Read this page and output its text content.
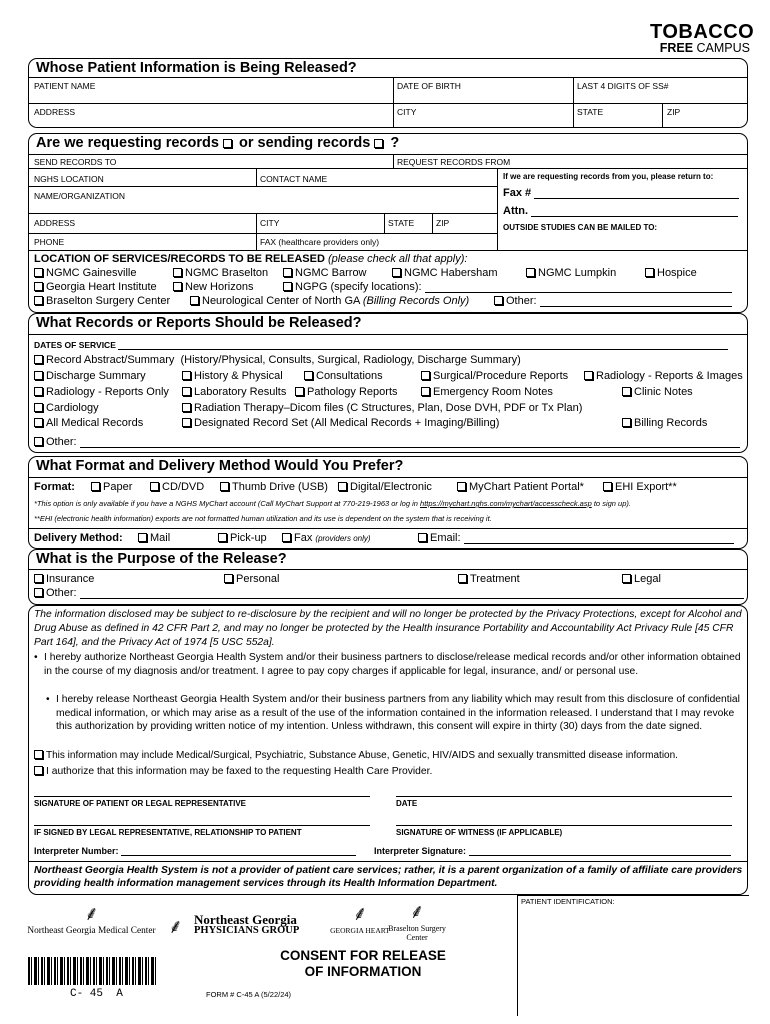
TOBACCO
FREE CAMPUS
Whose Patient Information is Being Released?
PATIENT NAME	DATE OF BIRTH	LAST 4 DIGITS OF SS#
ADDRESS	CITY	STATE	ZIP
Are we requesting records or sending records ?
SEND RECORDS TO	REQUEST RECORDS FROM
NGHS LOCATION	CONTACT NAME
NAME/ORGANIZATION
ADDRESS	CITY	STATE	ZIP
PHONE	FAX (healthcare providers only)
If we are requesting records from you, please return to:
Fax #
Attn.
OUTSIDE STUDIES CAN BE MAILED TO:
LOCATION OF SERVICES/RECORDS TO BE RELEASED (please check all that apply):
NGMC Gainesville	NGMC Braselton	NGMC Barrow	NGMC Habersham	NGMC Lumpkin	Hospice
Georgia Heart Institute	New Horizons	NGPG (specify locations):
Braselton Surgery Center	Neurological Center of North GA (Billing Records Only)	Other:
What Records or Reports Should be Released?
DATES OF SERVICE
Record Abstract/Summary (History/Physical, Consults, Surgical, Radiology, Discharge Summary)
Discharge Summary	History & Physical	Consultations	Surgical/Procedure Reports	Radiology - Reports & Images
Radiology - Reports Only	Laboratory Results	Pathology Reports	Emergency Room Notes	Clinic Notes
Cardiology	Radiation Therapy–Dicom files (C Structures, Plan, Dose DVH, PDF or Tx Plan)
All Medical Records	Designated Record Set (All Medical Records + Imaging/Billing)	Billing Records
Other:
What Format and Delivery Method Would You Prefer?
Format:	Paper	CD/DVD	Thumb Drive (USB)	Digital/Electronic	MyChart Patient Portal*	EHI Export**
*This option is only available if you have a NGHS MyChart account (Call MyChart Support at 770-219-1963 or log in https://mychart.nghs.com/mychart/accesscheck.asp to sign up).
**EHI (electronic health information) exports are not formatted human utilization and its use is dependent on the system that is receiving it.
Delivery Method:	Mail	Pick-up	Fax (providers only)	Email:
What is the Purpose of the Release?
Insurance	Personal	Treatment	Legal
Other:
The information disclosed may be subject to re-disclosure by the recipient and will no longer be protected by the Privacy Protections, except for Alcohol and Drug Abuse as defined in 42 CFR Part 2, and may no longer be protected by the Health insurance Portability and Accountability Act Privacy Rule [45 CFR Part 164], and the Privacy Act of 1974 [5 USC 552a].
• I hereby authorize Northeast Georgia Health System and/or their business partners to disclose/release medical records and/or other information obtained in the course of my diagnosis and/or treatment. I agree to pay copy charges if applicable for legal, insurance, and/ or personal use.
• I hereby release Northeast Georgia Health System and/or their business partners from any liability which may result from this disclosure of confidential medical information, or which may arise as a result of the use of the information contained in the information released. I understand that I may revoke this authorization by providing written notice of my intention. Unless withdrawn, this consent will expire in thirty (30) days from the date signed.
This information may include Medical/Surgical, Psychiatric, Substance Abuse, Genetic, HIV/AIDS and sexually transmitted disease information.
I authorize that this information may be faxed to the requesting Health Care Provider.
SIGNATURE OF PATIENT OR LEGAL REPRESENTATIVE	DATE
IF SIGNED BY LEGAL REPRESENTATIVE, RELATIONSHIP TO PATIENT	SIGNATURE OF WITNESS (IF APPLICABLE)
Interpreter Number:	Interpreter Signature:
Northeast Georgia Health System is not a provider of patient care services; rather, it is a parent organization of a family of affiliate care providers providing health information management services through its Health Information Department.
PATIENT IDENTIFICATION:
⸙
Northeast Georgia Medical Center ⸙ Northeast Georgia
PHYSICIANS GROUP
⸙
GEORGIA HEART
⸙
Braselton Surgery
Center
CONSENT FOR RELEASE
OF INFORMATION
C- 45  A	FORM # C-45 A (5/22/24)
